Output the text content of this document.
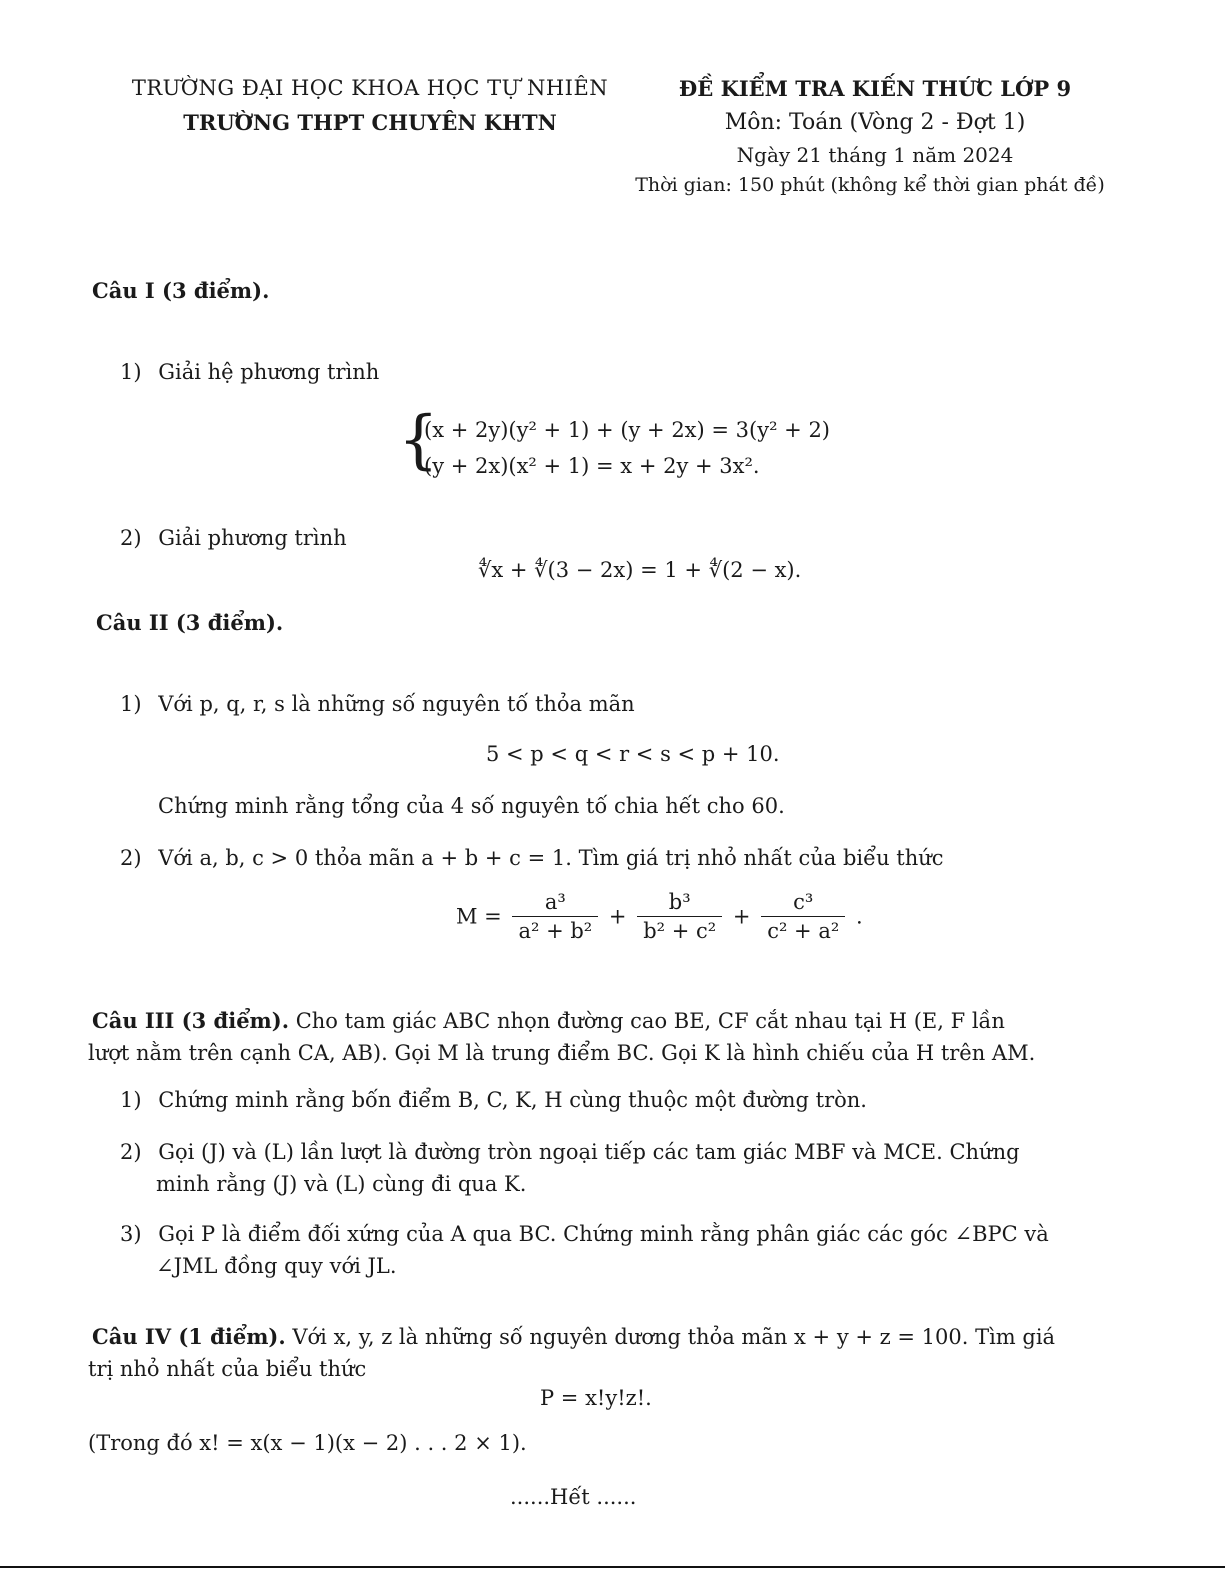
TRƯỜNG ĐẠI HỌC KHOA HỌC TỰ NHIÊN
TRƯỜNG THPT CHUYÊN KHTN
ĐỀ KIỂM TRA KIẾN THỨC LỚP 9
Môn: Toán (Vòng 2 - Đợt 1)
Ngày 21 tháng 1 năm 2024
Thời gian: 150 phút (không kể thời gian phát đề)
Câu I (3 điểm).
1) Giải hệ phương trình
{
(x + 2y)(y² + 1) + (y + 2x) = 3(y² + 2)
(y + 2x)(x² + 1) = x + 2y + 3x².
2) Giải phương trình
∜x + ∜(3 − 2x) = 1 + ∜(2 − x).
Câu II (3 điểm).
1) Với p, q, r, s là những số nguyên tố thỏa mãn
5 < p < q < r < s < p + 10.
Chứng minh rằng tổng của 4 số nguyên tố chia hết cho 60.
2) Với a, b, c > 0 thỏa mãn a + b + c = 1. Tìm giá trị nhỏ nhất của biểu thức
$M = \frac{\text{a³}}{\text{a² + b²}} + \frac{\text{b³}}{\text{b² + c²}} + \frac{\text{c³}}{\text{c² + a²}}$ .
Câu III (3 điểm). Cho tam giác ABC nhọn đường cao BE, CF cắt nhau tại H (E, F lần
lượt nằm trên cạnh CA, AB). Gọi M là trung điểm BC. Gọi K là hình chiếu của H trên AM.
1) Chứng minh rằng bốn điểm B, C, K, H cùng thuộc một đường tròn.
2) Gọi (J) và (L) lần lượt là đường tròn ngoại tiếp các tam giác MBF và MCE. Chứng
minh rằng (J) và (L) cùng đi qua K.
3) Gọi P là điểm đối xứng của A qua BC. Chứng minh rằng phân giác các góc ∠BPC và
∠JML đồng quy với JL.
Câu IV (1 điểm). Với x, y, z là những số nguyên dương thỏa mãn x + y + z = 100. Tìm giá
trị nhỏ nhất của biểu thức
P = x!y!z!.
(Trong đó x! = x(x − 1)(x − 2) . . . 2 × 1).
......Hết ......
